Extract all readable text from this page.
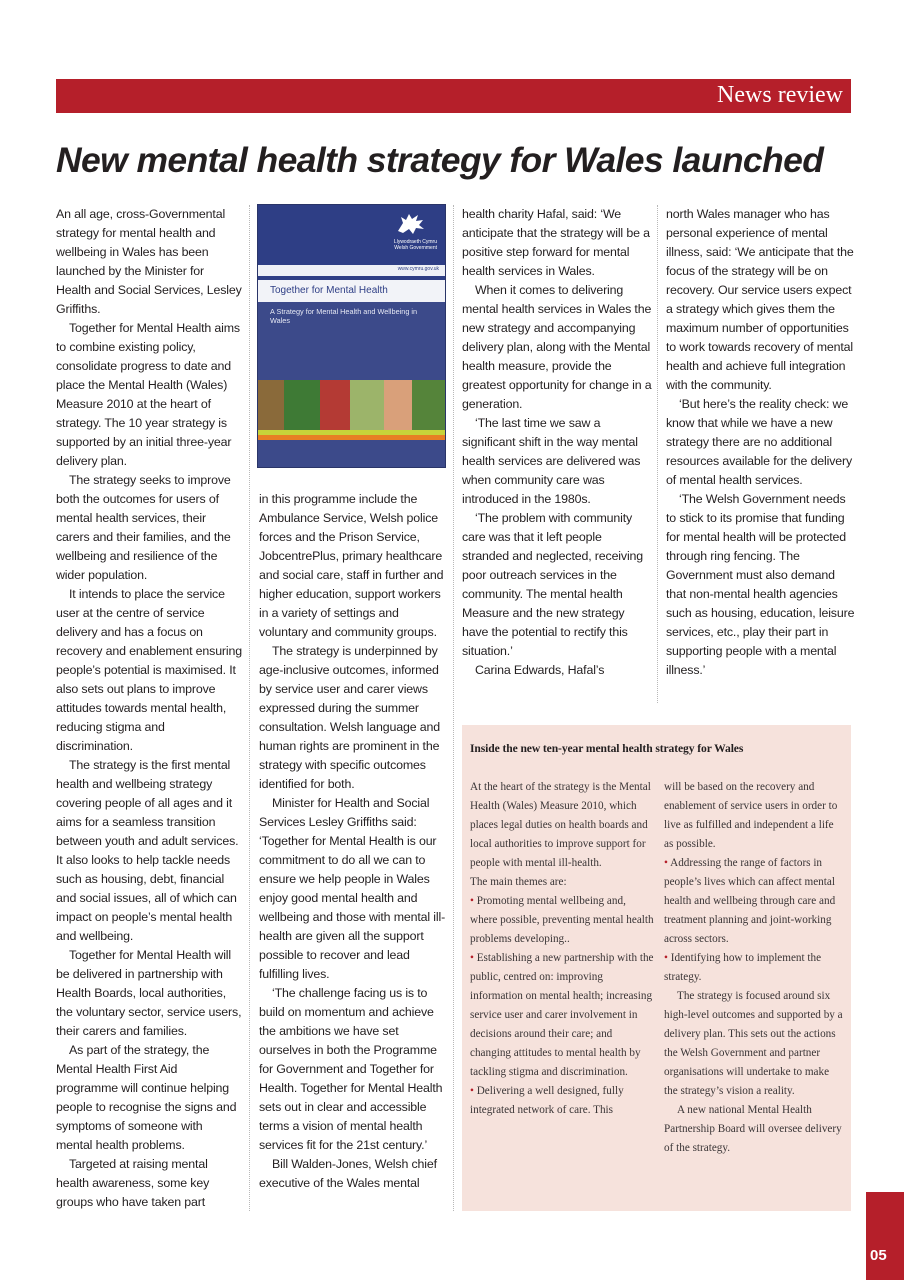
News review
New mental health strategy for Wales launched

An all age, cross-Governmental strategy for mental health and wellbeing in Wales has been launched by the Minister for Health and Social Services, Lesley Griffiths.

Together for Mental Health aims to combine existing policy, consolidate progress to date and place the Mental Health (Wales) Measure 2010 at the heart of strategy. The 10 year strategy is supported by an initial three-year delivery plan.

The strategy seeks to improve both the outcomes for users of mental health services, their carers and their families, and the wellbeing and resilience of the wider population.

It intends to place the service user at the centre of service delivery and has a focus on recovery and enablement ensuring people’s potential is maximised. It also sets out plans to improve attitudes towards mental health, reducing stigma and discrimination.

The strategy is the first mental health and wellbeing strategy covering people of all ages and it aims for a seamless transition between youth and adult services. It also looks to help tackle needs such as housing, debt, financial and social issues, all of which can impact on people’s mental health and wellbeing.

Together for Mental Health will be delivered in partnership with Health Boards, local authorities, the voluntary sector, service users, their carers and families.

As part of the strategy, the Mental Health First Aid programme will continue helping people to recognise the signs and symptoms of someone with mental health problems.

Targeted at raising mental health awareness, some key groups who have taken part

Llywodraeth Cymru
Welsh Government
www.cymru.gov.uk
Together for Mental Health
A Strategy for Mental Health and Wellbeing in Wales

in this programme include the Ambulance Service, Welsh police forces and the Prison Service, JobcentrePlus, primary healthcare and social care, staff in further and higher education, support workers in a variety of settings and voluntary and community groups.

The strategy is underpinned by age-inclusive outcomes, informed by service user and carer views expressed during the summer consultation. Welsh language and human rights are prominent in the strategy with specific outcomes identified for both.

Minister for Health and Social Services Lesley Griffiths said: ‘Together for Mental Health is our commitment to do all we can to ensure we help people in Wales enjoy good mental health and wellbeing and those with mental ill-health are given all the support possible to recover and lead fulfilling lives.

‘The challenge facing us is to build on momentum and achieve the ambitions we have set ourselves in both the Programme for Government and Together for Health. Together for Mental Health sets out in clear and accessible terms a vision of mental health services fit for the 21st century.’

Bill Walden-Jones, Welsh chief executive of the Wales mental

health charity Hafal, said: ‘We anticipate that the strategy will be a positive step forward for mental health services in Wales.

When it comes to delivering mental health services in Wales the new strategy and accompanying delivery plan, along with the Mental health measure, provide the greatest opportunity for change in a generation.

‘The last time we saw a significant shift in the way mental health services are delivered was when community care was introduced in the 1980s.

‘The problem with community care was that it left people stranded and neglected, receiving poor outreach services in the community. The mental health Measure and the new strategy have the potential to rectify this situation.’

Carina Edwards, Hafal’s

north Wales manager who has personal experience of mental illness, said: ‘We anticipate that the focus of the strategy will be on recovery. Our service users expect a strategy which gives them the maximum number of opportunities to work towards recovery of mental health and achieve full integration with the community.

‘But here’s the reality check: we know that while we have a new strategy there are no additional resources available for the delivery of mental health services.

‘The Welsh Government needs to stick to its promise that funding for mental health will be protected through ring fencing. The Government must also demand that non-mental health agencies such as housing, education, leisure services, etc., play their part in supporting people with a mental illness.’

Inside the new ten-year mental health strategy for Wales

At the heart of the strategy is the Mental Health (Wales) Measure 2010, which places legal duties on health boards and local authorities to improve support for people with mental ill-health.

The main themes are:

• Promoting mental wellbeing and, where possible, preventing mental health problems developing..

• Establishing a new partnership with the public, centred on: improving information on mental health; increasing service user and carer involvement in decisions around their care; and changing attitudes to mental health by tackling stigma and discrimination.

• Delivering a well designed, fully integrated network of care. This

will be based on the recovery and enablement of service users in order to live as fulfilled and independent a life as possible.

• Addressing the range of factors in people’s lives which can affect mental health and wellbeing through care and treatment planning and joint-working across sectors.

• Identifying how to implement the strategy.

The strategy is focused around six high-level outcomes and supported by a delivery plan. This sets out the actions the Welsh Government and partner organisations will undertake to make the strategy’s vision a reality.

A new national Mental Health Partnership Board will oversee delivery of the strategy.

05
